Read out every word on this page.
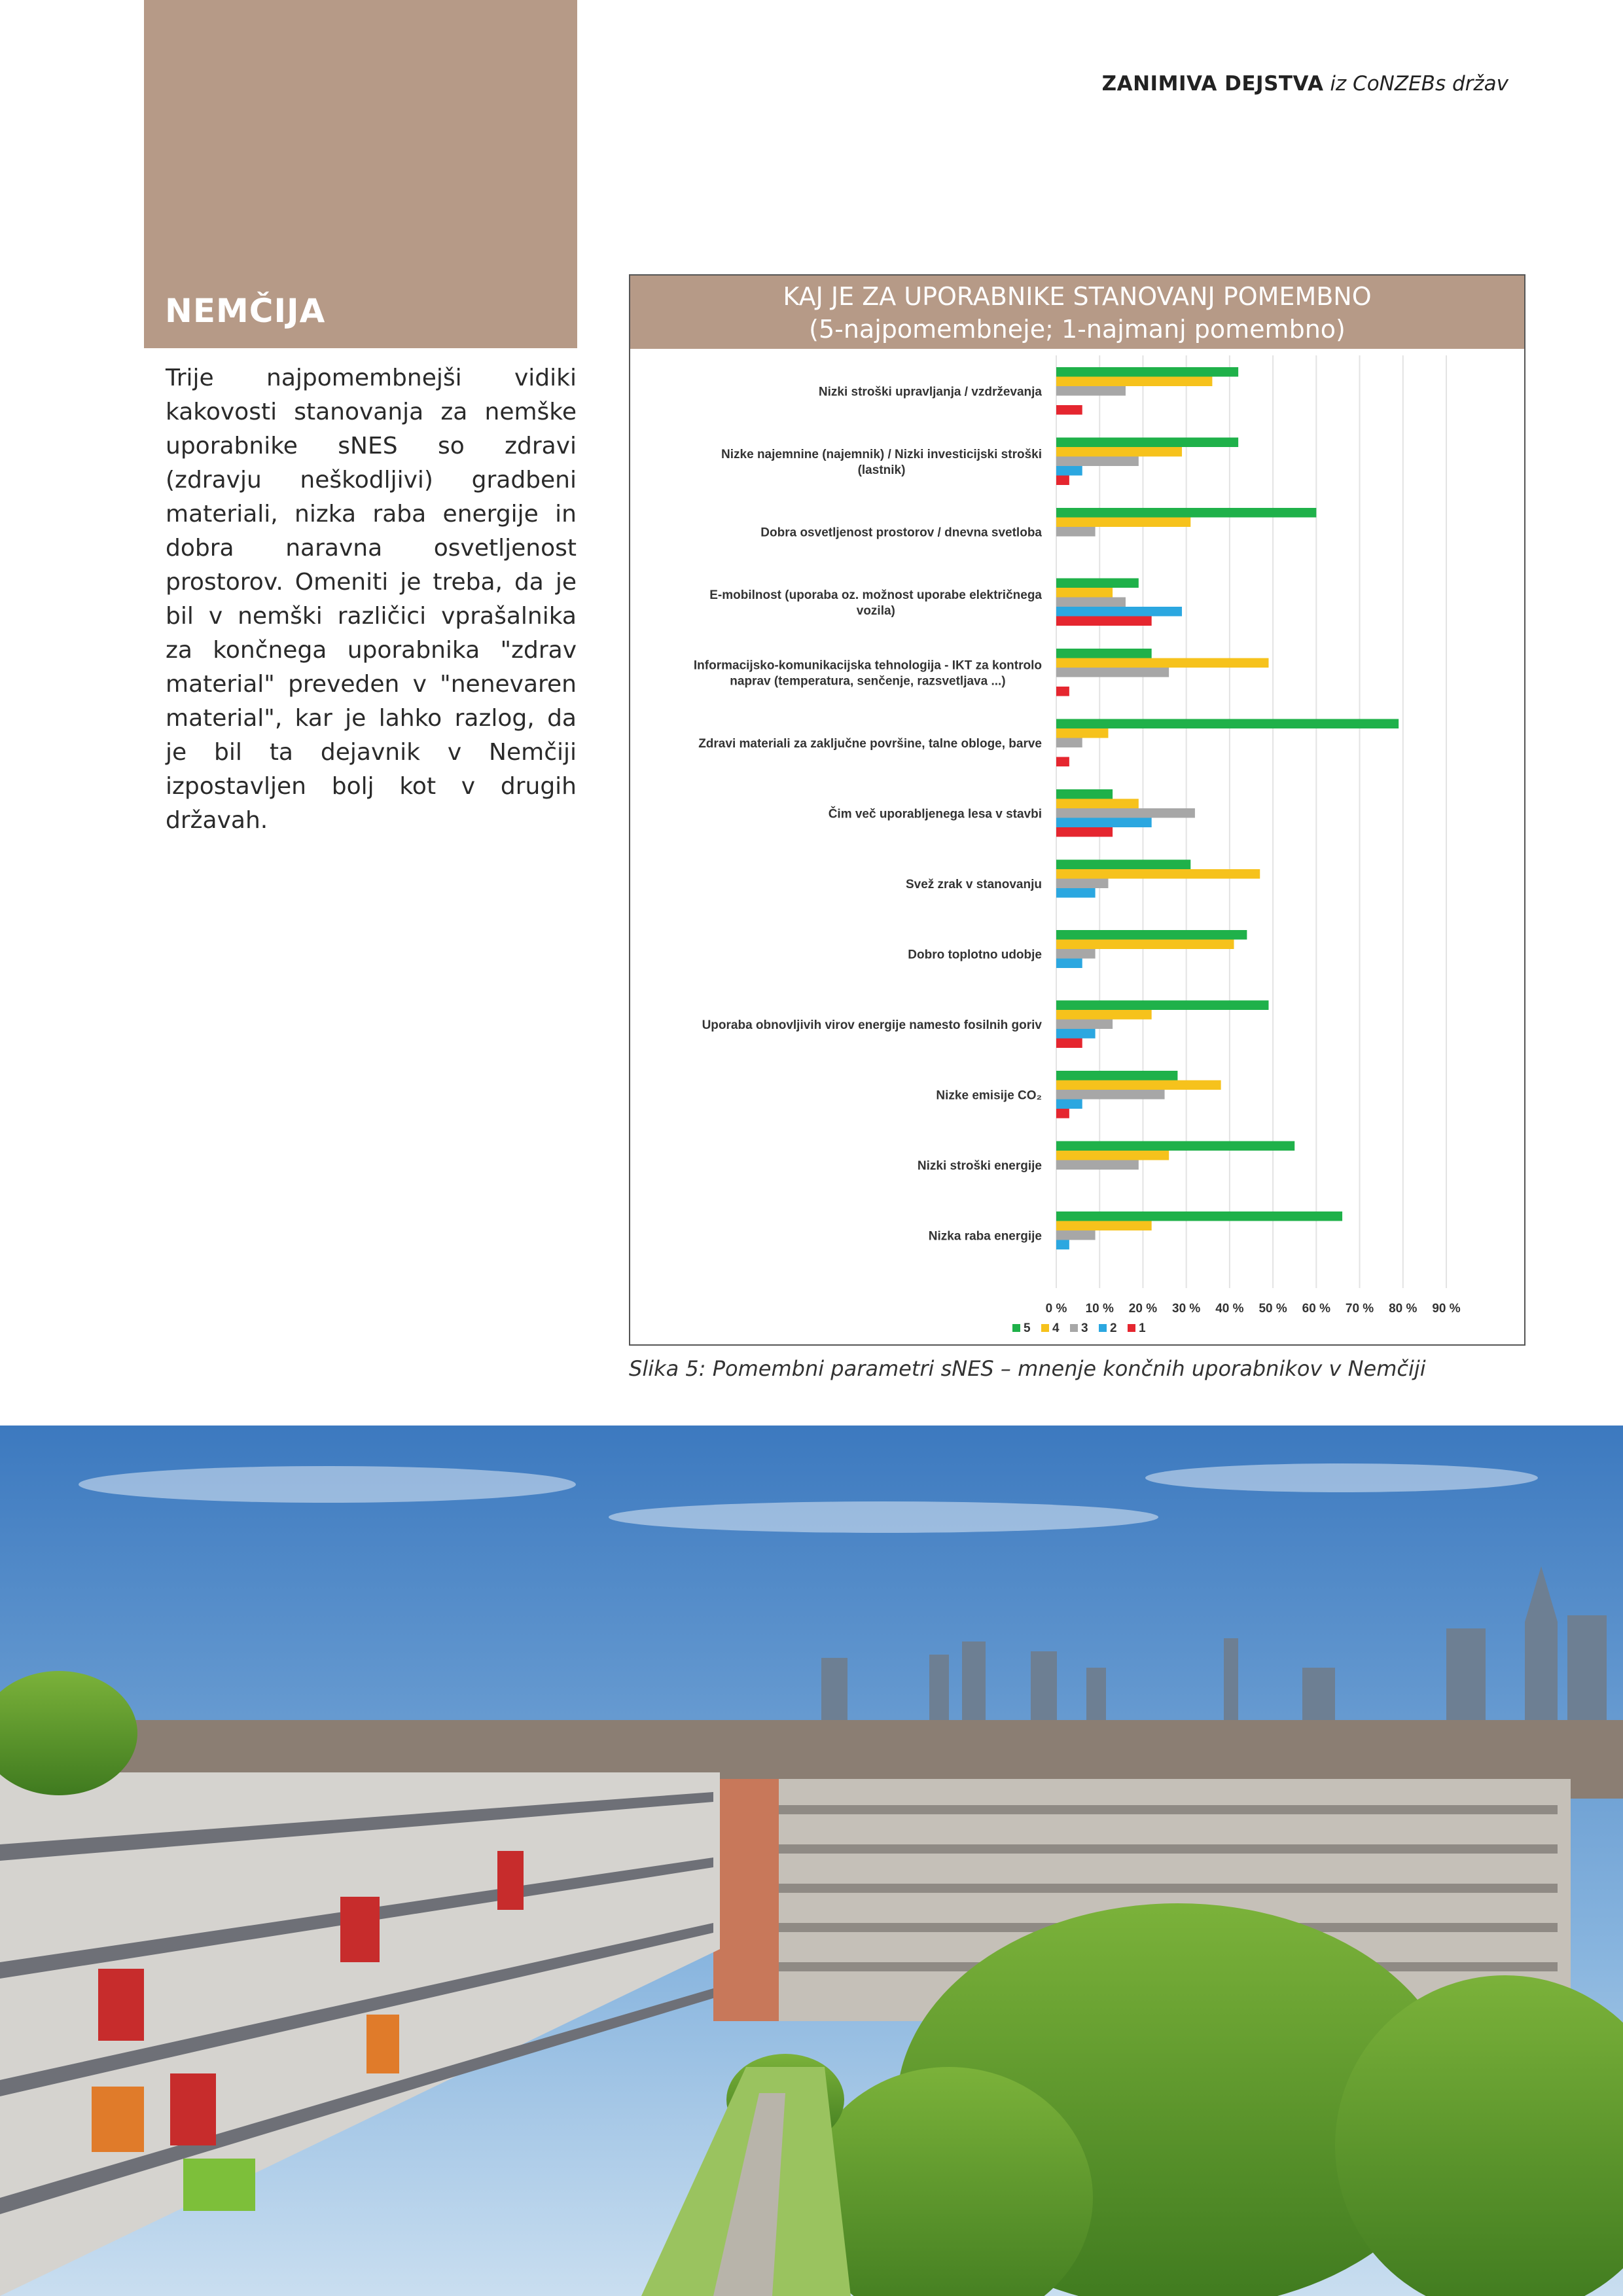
ZANIMIVA DEJSTVA iz CoNZEBs držav
NEMČIJA
Trije najpomembnejši vidiki kakovosti stanovanja za nemške uporabnike sNES so zdravi (zdravju neškodljivi) gradbeni materiali, nizka raba energije in dobra naravna osvetljenost prostorov. Omeniti je treba, da je bil v nemški različici vprašalnika za končnega uporabnika "zdrav material" preveden v "nenevaren material", kar je lahko razlog, da je bil ta dejavnik v Nemčiji izpostavljen bolj kot v drugih državah.
KAJ JE ZA UPORABNIKE STANOVANJ POMEMBNO
(5-najpomembneje; 1-najmanj pomembno)
Nizki stroški upravljanja / vzdrževanja
Nizke najemnine (najemnik) / Nizki investicijski stroški
(lastnik)
Dobra osvetljenost prostorov / dnevna svetloba
E-mobilnost (uporaba oz. možnost uporabe električnega
vozila)
Informacijsko-komunikacijska tehnologija - IKT za kontrolo
naprav (temperatura, senčenje, razsvetljava ...)
Zdravi materiali za zaključne površine, talne obloge, barve
Čim več uporabljenega lesa v stavbi
Svež zrak v stanovanju
Dobro toplotno udobje
Uporaba obnovljivih virov energije namesto fosilnih goriv
Nizke emisije CO₂
Nizki stroški energije
Nizka raba energije
0 % 10 % 20 % 30 % 40 % 50 % 60 % 70 % 80 % 90 %
5 4 3 2 1
Slika 5: Pomembni parametri sNES – mnenje končnih uporabnikov v Nemčiji
